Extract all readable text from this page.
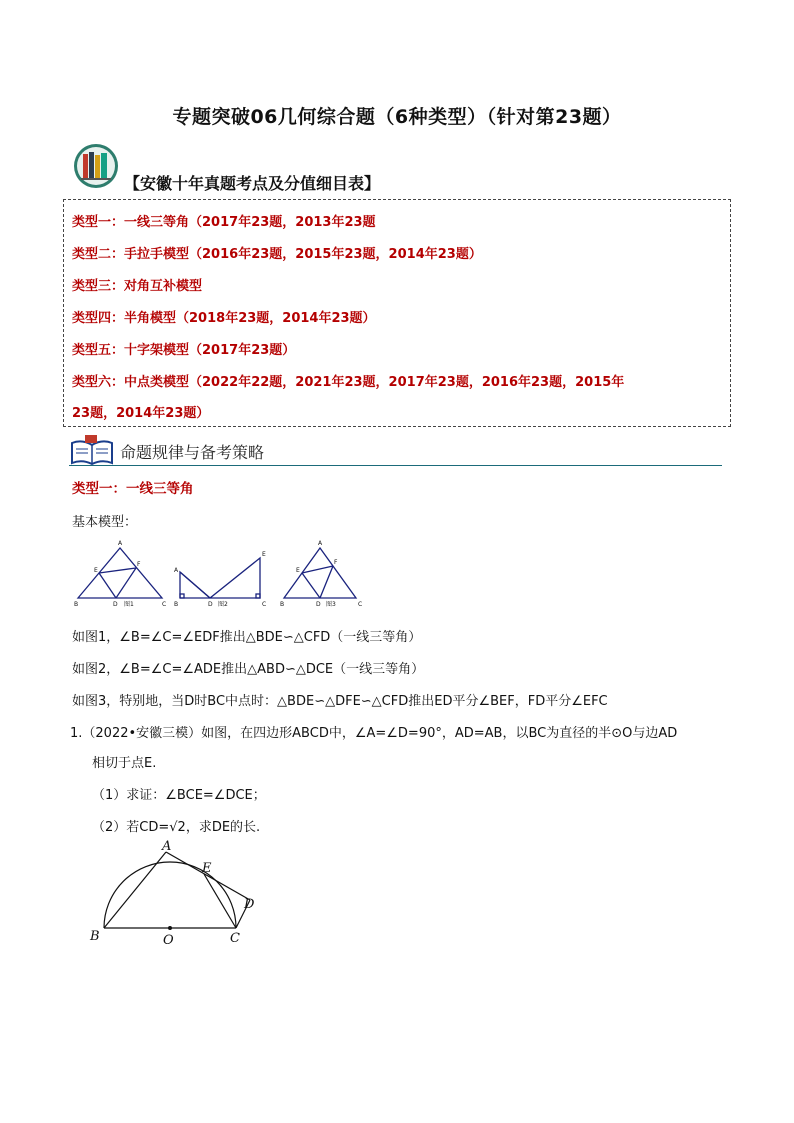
专题突破06几何综合题（6种类型）（针对第23题）
【安徽十年真题考点及分值细目表】
类型一：一线三等角（2017年23题，2013年23题
类型二：手拉手模型（2016年23题，2015年23题，2014年23题）
类型三：对角互补模型
类型四：半角模型（2018年23题，2014年23题）
类型五：十字架模型（2017年23题）
类型六：中点类模型（2022年22题，2021年23题，2017年23题，2016年23题，2015年
23题，2014年23题）
命题规律与备考策略
类型一：一线三等角
基本模型：
A
B	C
E
F
D 图1
A
B
E
D	C
图2
A
B	C
E
F
D 图3
如图1，∠B=∠C=∠EDF推出△BDE∽△CFD（一线三等角）
如图2，∠B=∠C=∠ADE推出△ABD∽△DCE（一线三等角）
如图3，特别地，当D时BC中点时：△BDE∽△DFE∽△CFD推出ED平分∠BEF，FD平分∠EFC
1.（2022•安徽三模）如图，在四边形ABCD中，∠A=∠D=90°，AD=AB，以BC为直径的半⊙O与边AD
相切于点E.
（1）求证：∠BCE=∠DCE；
（2）若CD=√2，求DE的长.
A
E
D
B	O	C
